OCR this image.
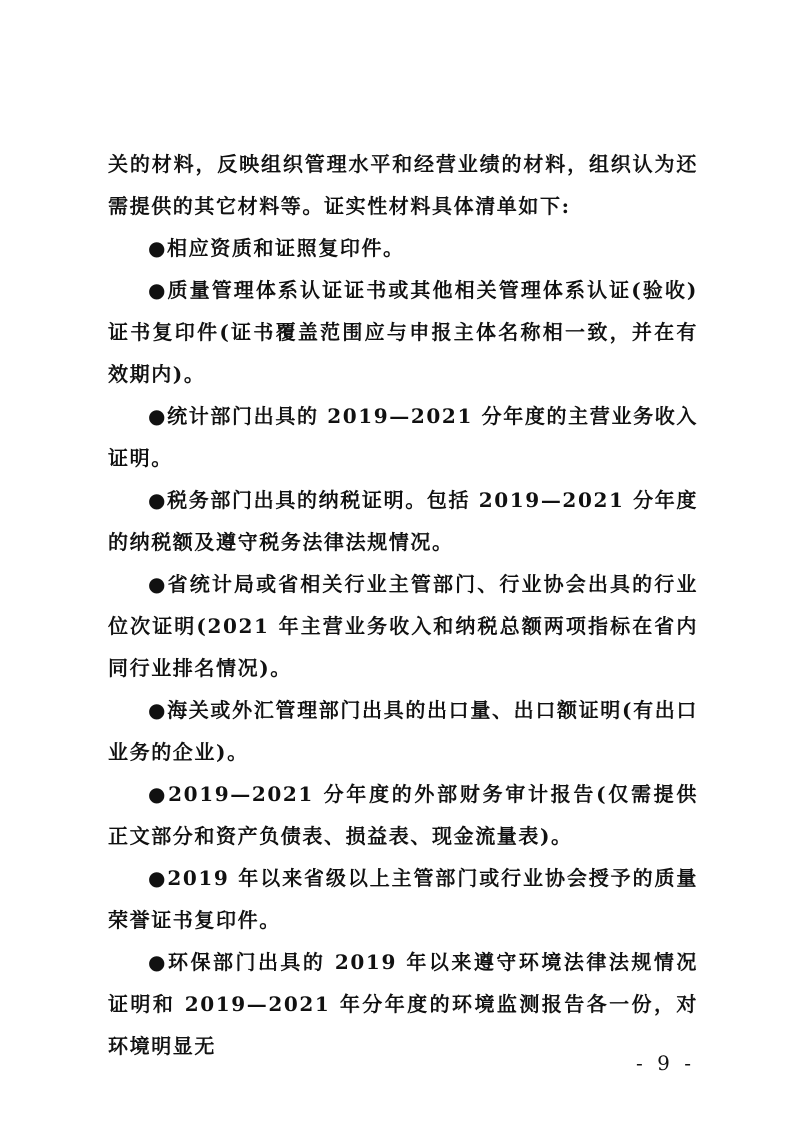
关的材料，反映组织管理水平和经营业绩的材料，组织认为还需提供的其它材料等。证实性材料具体清单如下:

●相应资质和证照复印件。

●质量管理体系认证证书或其他相关管理体系认证(验收)证书复印件(证书覆盖范围应与申报主体名称相一致，并在有效期内)。

●统计部门出具的 2019—2021 分年度的主营业务收入证明。

●税务部门出具的纳税证明。包括 2019—2021 分年度的纳税额及遵守税务法律法规情况。

●省统计局或省相关行业主管部门、行业协会出具的行业位次证明(2021 年主营业务收入和纳税总额两项指标在省内同行业排名情况)。

●海关或外汇管理部门出具的出口量、出口额证明(有出口业务的企业)。

●2019—2021 分年度的外部财务审计报告(仅需提供正文部分和资产负债表、损益表、现金流量表)。

●2019 年以来省级以上主管部门或行业协会授予的质量荣誉证书复印件。

●环保部门出具的 2019 年以来遵守环境法律法规情况证明和 2019—2021 年分年度的环境监测报告各一份，对环境明显无

- 9 -
